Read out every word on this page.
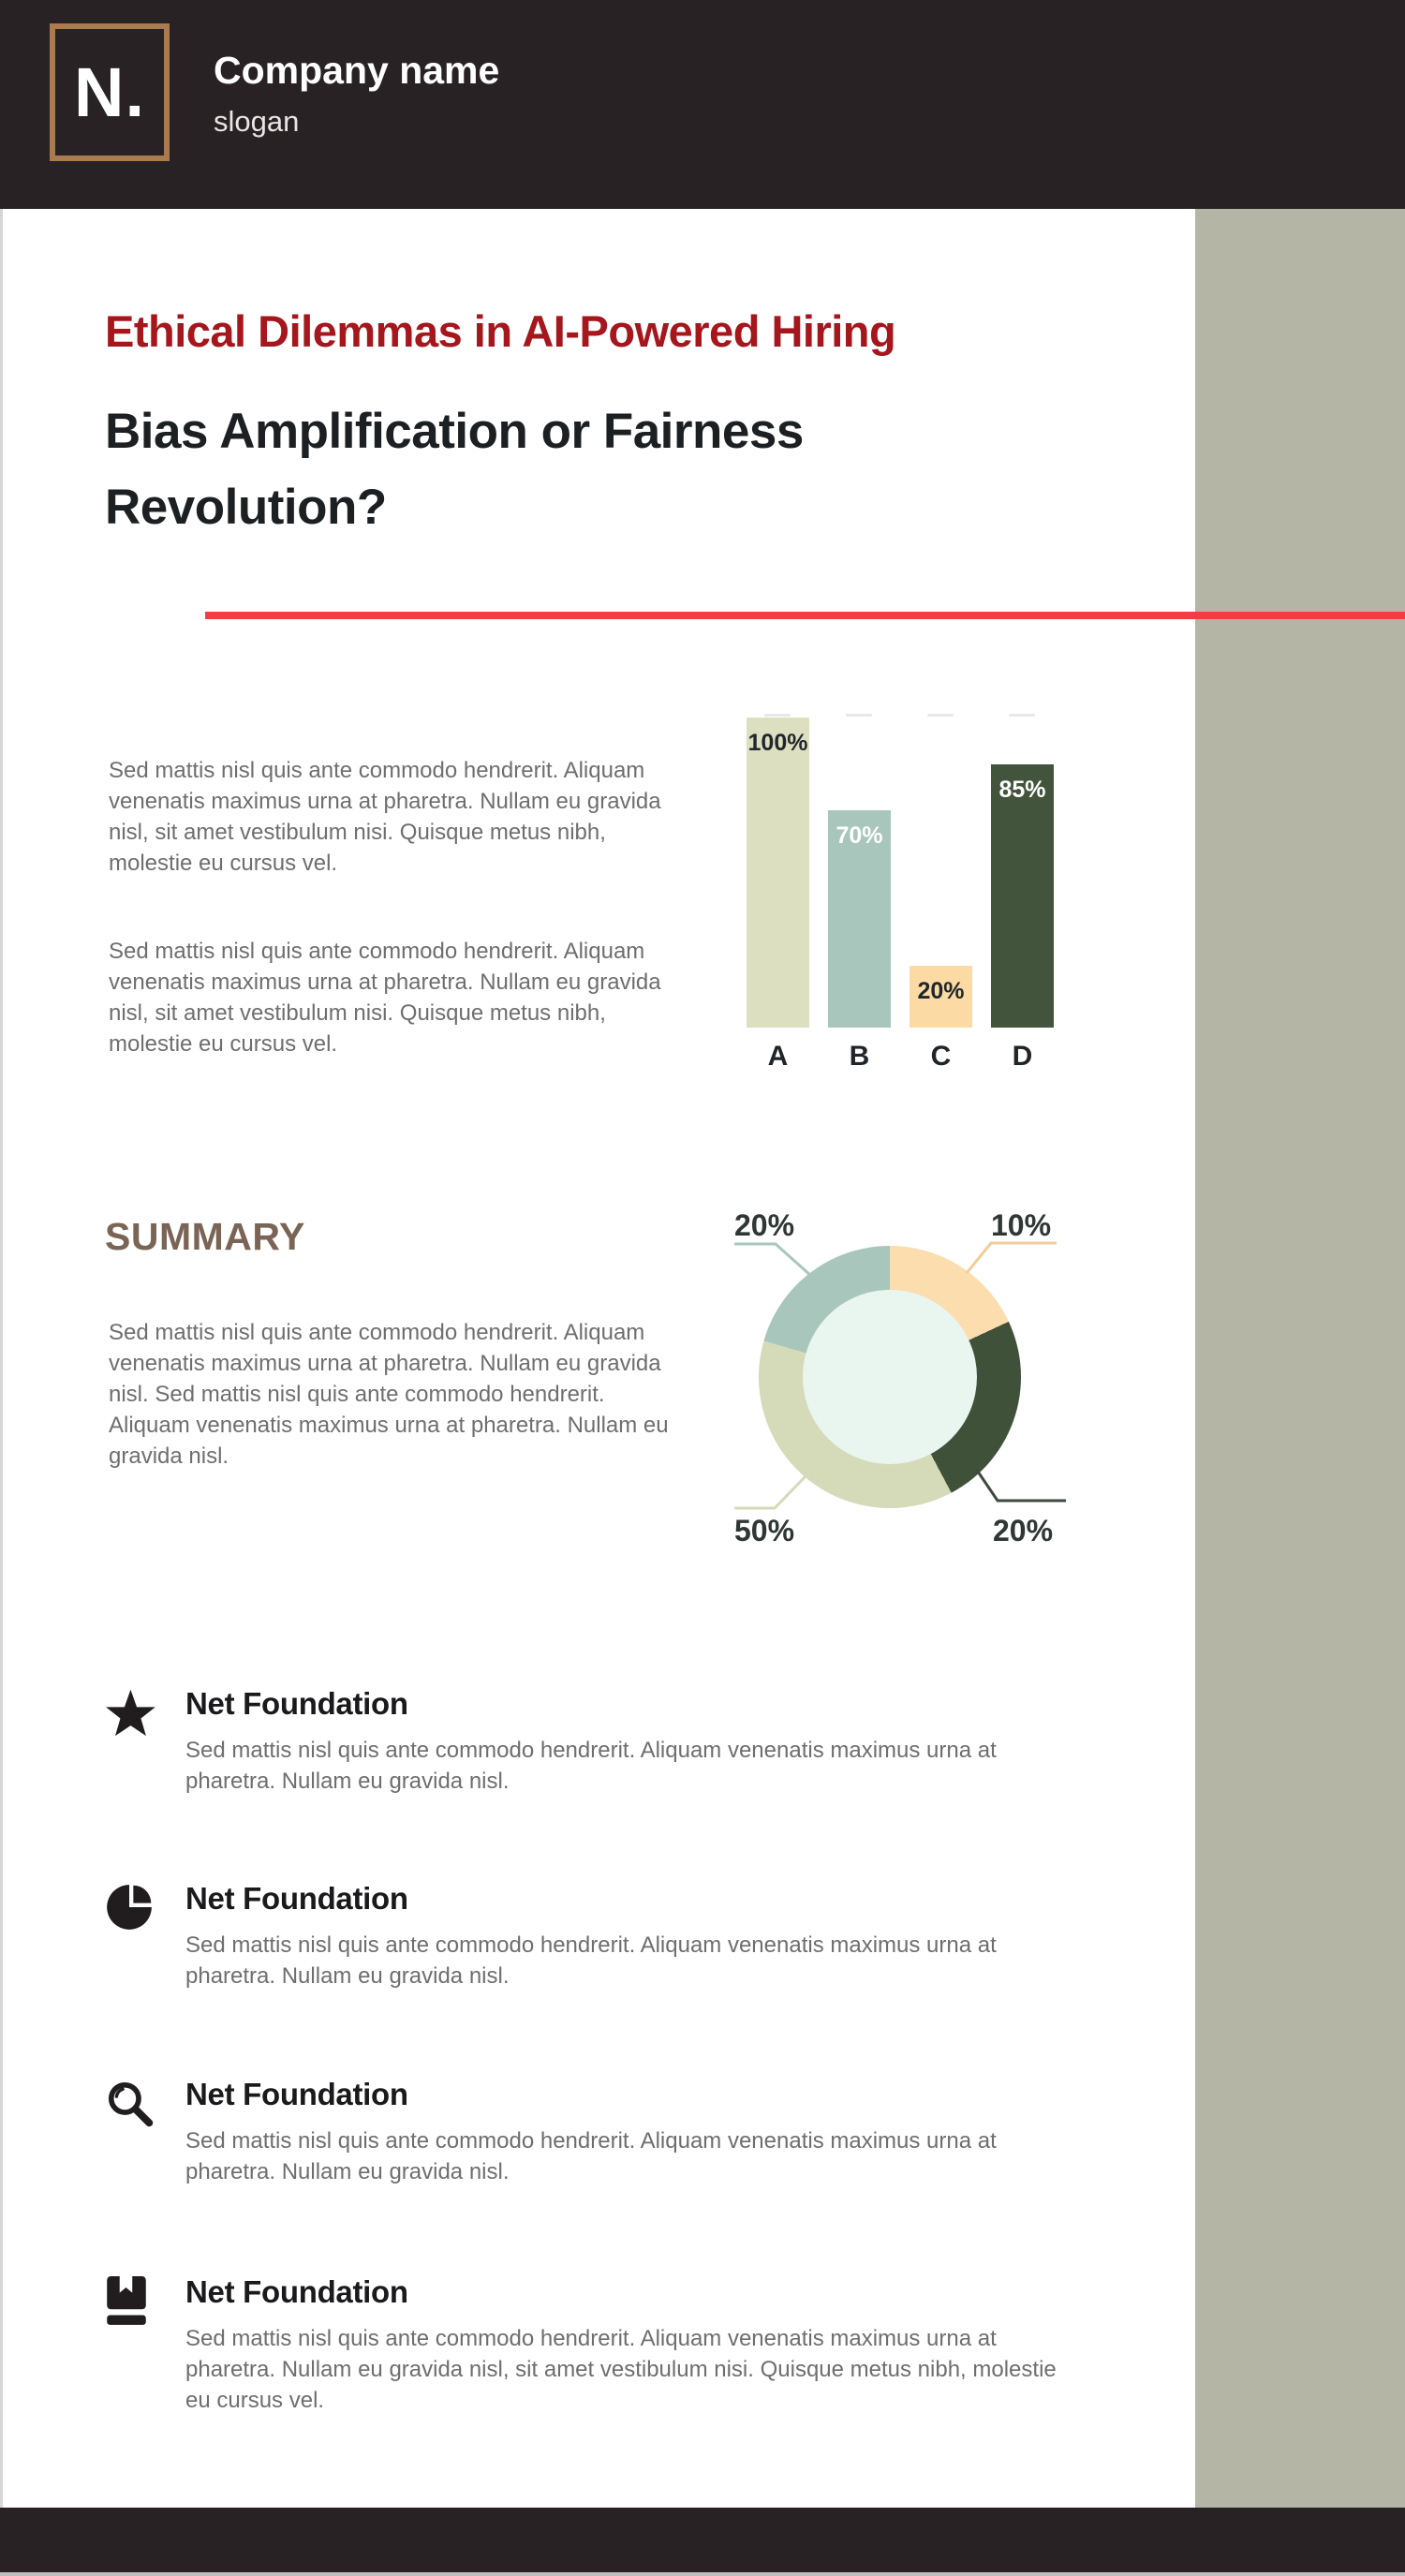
N. Company name
slogan
Ethical Dilemmas in AI-Powered Hiring
Bias Amplification or Fairness Revolution?

Sed mattis nisl quis ante commodo hendrerit. Aliquam venenatis maximus urna at pharetra. Nullam eu gravida nisl, sit amet vestibulum nisi. Quisque metus nibh, molestie eu cursus vel.

Sed mattis nisl quis ante commodo hendrerit. Aliquam venenatis maximus urna at pharetra. Nullam eu gravida nisl, sit amet vestibulum nisi. Quisque metus nibh, molestie eu cursus vel.

100%
70%
20%
85%
A	B	C	D
SUMMARY

Sed mattis nisl quis ante commodo hendrerit. Aliquam venenatis maximus urna at pharetra. Nullam eu gravida nisl. Sed mattis nisl quis ante commodo hendrerit. Aliquam venenatis maximus urna at pharetra. Nullam eu gravida nisl.

20%	10%
50%	20%
Net Foundation

Sed mattis nisl quis ante commodo hendrerit. Aliquam venenatis maximus urna at pharetra. Nullam eu gravida nisl.

Net Foundation

Sed mattis nisl quis ante commodo hendrerit. Aliquam venenatis maximus urna at pharetra. Nullam eu gravida nisl.

Net Foundation

Sed mattis nisl quis ante commodo hendrerit. Aliquam venenatis maximus urna at pharetra. Nullam eu gravida nisl.

Net Foundation

Sed mattis nisl quis ante commodo hendrerit. Aliquam venenatis maximus urna at pharetra. Nullam eu gravida nisl, sit amet vestibulum nisi. Quisque metus nibh, molestie eu cursus vel.
